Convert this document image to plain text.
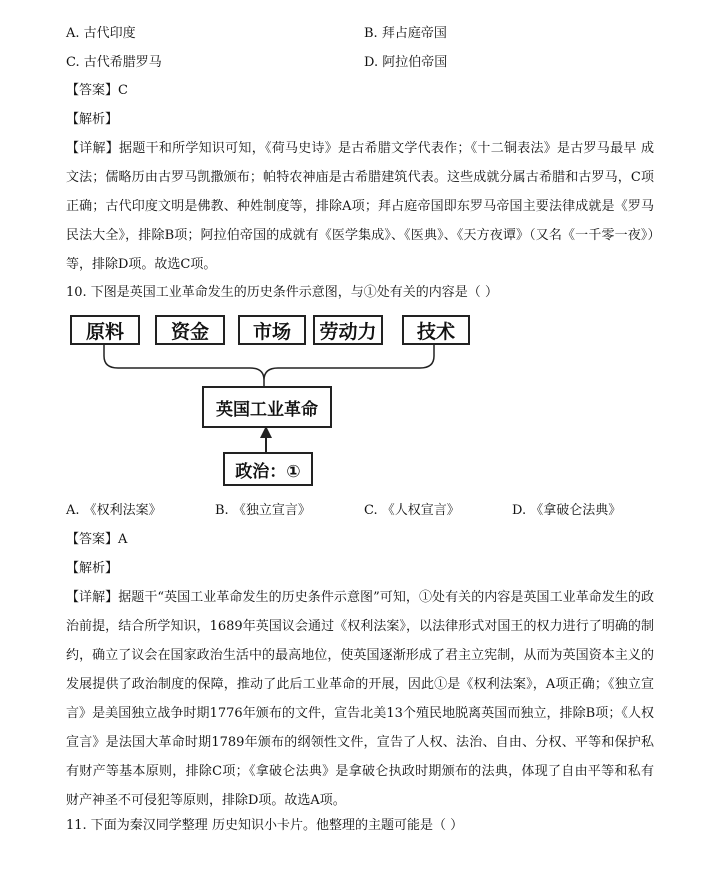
A. 古代印度	B. 拜占庭帝国
C. 古代希腊罗马	D. 阿拉伯帝国
【答案】C
【解析】

【详解】据题干和所学知识可知，《荷马史诗》是古希腊文学代表作；《十二铜表法》是古罗马最早 成文法；儒略历由古罗马凯撒颁布；帕特农神庙是古希腊建筑代表。这些成就分属古希腊和古罗马，C项正确；古代印度文明是佛教、种姓制度等，排除A项；拜占庭帝国即东罗马帝国主要法律成就是《罗马民法大全》，排除B项；阿拉伯帝国的成就有《医学集成》、《医典》、《天方夜谭》（又名《一千零一夜》）等，排除D项。故选C项。

10. 下图是英国工业革命发生的历史条件示意图，与①处有关的内容是（ ）
原料	资金	市场	劳动力	技术
英国工业革命
政治：①
A. 《权利法案》	B. 《独立宣言》	C. 《人权宣言》	D. 《拿破仑法典》
【答案】A
【解析】

【详解】据题干“英国工业革命发生的历史条件示意图”可知，①处有关的内容是英国工业革命发生的政治前提，结合所学知识，1689年英国议会通过《权利法案》，以法律形式对国王的权力进行了明确的制约，确立了议会在国家政治生活中的最高地位，使英国逐渐形成了君主立宪制，从而为英国资本主义的发展提供了政治制度的保障，推动了此后工业革命的开展，因此①是《权利法案》，A项正确；《独立宣言》是美国独立战争时期1776年颁布的文件，宣告北美13个殖民地脱离英国而独立，排除B项；《人权宣言》是法国大革命时期1789年颁布的纲领性文件，宣告了人权、法治、自由、分权、平等和保护私有财产等基本原则，排除C项；《拿破仑法典》是拿破仑执政时期颁布的法典，体现了自由平等和私有财产神圣不可侵犯等原则，排除D项。故选A项。

11. 下面为秦汉同学整理 历史知识小卡片。他整理的主题可能是（ ）
